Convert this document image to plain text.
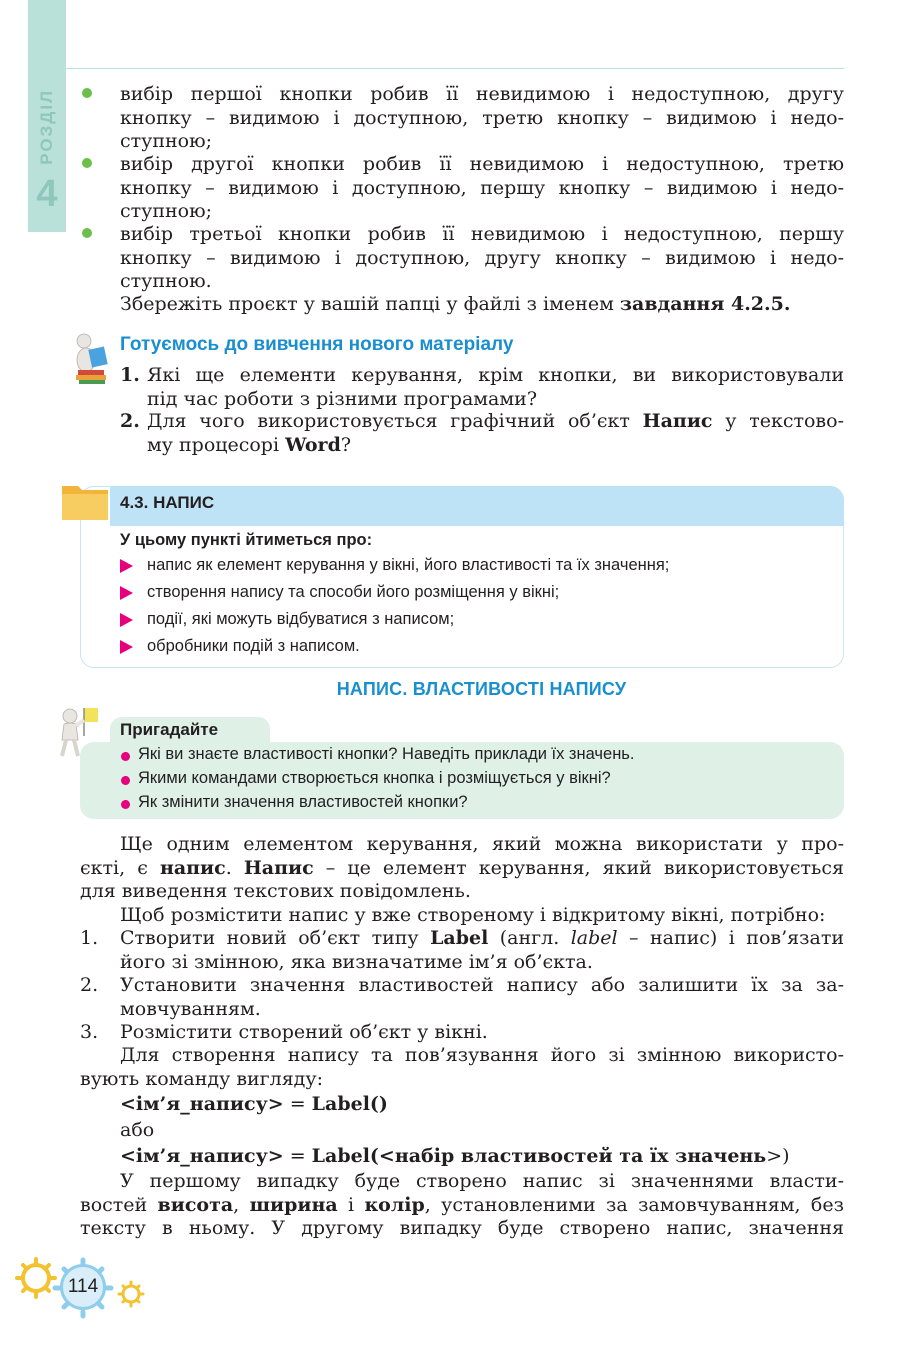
РОЗДІЛ
4
вибір першої кнопки робив її невидимою і недоступною, другу
кнопку – видимою і доступною, третю кнопку – видимою і недо-
ступною;
вибір другої кнопки робив її невидимою і недоступною, третю
кнопку – видимою і доступною, першу кнопку – видимою і недо-
ступною;
вибір третьої кнопки робив її невидимою і недоступною, першу
кнопку – видимою і доступною, другу кнопку – видимою і недо-
ступною.
Збережіть проєкт у вашій папці у файлі з іменем завдання 4.2.5.
Готуємось до вивчення нового матеріалу
1. Які ще елементи керування, крім кнопки, ви використовували
під час роботи з різними програмами?
2. Для чого використовується графічний об’єкт Напис у текстово-
му процесорі Word?
4.3. НАПИС
У цьому пункті йтиметься про:
напис як елемент керування у вікні, його властивості та їх значення;
створення напису та способи його розміщення у вікні;
події, які можуть відбуватися з написом;
обробники подій з написом.
НАПИС. ВЛАСТИВОСТІ НАПИСУ
Пригадайте
Які ви знаєте властивості кнопки? Наведіть приклади їх значень.
Якими командами створюється кнопка і розміщується у вікні?
Як змінити значення властивостей кнопки?
Ще одним елементом керування, який можна використати у про-
єкті, є напис. Напис – це елемент керування, який використовується
для виведення текстових повідомлень.
Щоб розмістити напис у вже створеному і відкритому вікні, потрібно:
1. Створити новий об’єкт типу Label (англ. label – напис) і пов’язати
його зі змінною, яка визначатиме ім’я об’єкта.
2. Установити значення властивостей напису або залишити їх за за-
мовчуванням.
3. Розмістити створений об’єкт у вікні.
Для створення напису та пов’язування його зі змінною використо-
вують команду вигляду:
<ім’я_напису> = Label()
або
<ім’я_напису> = Label(<набір властивостей та їх значень>)
У першому випадку буде створено напис зі значеннями власти-
востей висота, ширина і колір, установленими за замовчуванням, без
тексту в ньому. У другому випадку буде створено напис, значення
114
